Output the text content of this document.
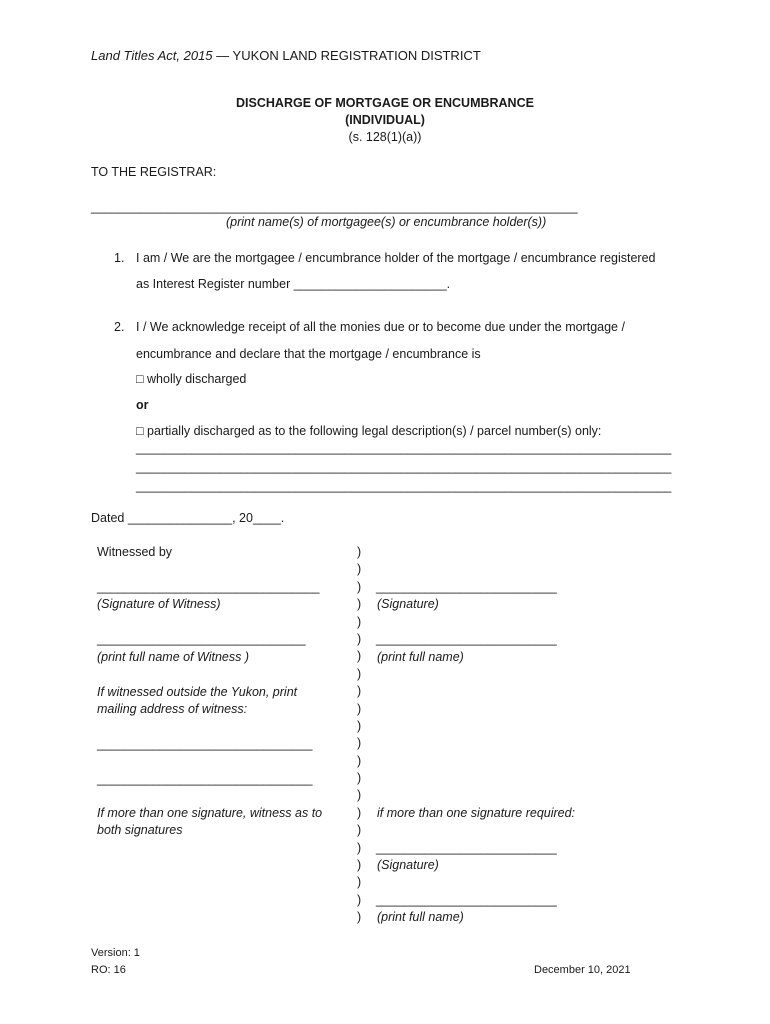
Land Titles Act, 2015 — YUKON LAND REGISTRATION DISTRICT
DISCHARGE OF MORTGAGE OR ENCUMBRANCE
(INDIVIDUAL)
(s. 128(1)(a))
TO THE REGISTRAR:
______________________________________________________________________
(print name(s) of mortgagee(s) or encumbrance holder(s))
1. I am / We are the mortgagee / encumbrance holder of the mortgage / encumbrance registered
as Interest Register number ______________________.
2. I / We acknowledge receipt of all the monies due or to become due under the mortgage /
encumbrance and declare that the mortgage / encumbrance is
□ wholly discharged
or
□ partially discharged as to the following legal description(s) / parcel number(s) only:
_____________________________________________________________________________
_____________________________________________________________________________
_____________________________________________________________________________
Dated _______________, 20____.
Witnessed by
________________________________
(Signature of Witness)
______________________________
(print full name of Witness )
If witnessed outside the Yukon, print
mailing address of witness:
_______________________________
_______________________________
If more than one signature, witness as to
both signatures
)
)
)
)
)
)
)
)
)
)
)
)
)
)
)
)
)
)
)
)
)
)
__________________________
(Signature)
__________________________
(print full name)
if more than one signature required:
__________________________
(Signature)
__________________________
(print full name)
Version: 1
RO: 16	December 10, 2021
